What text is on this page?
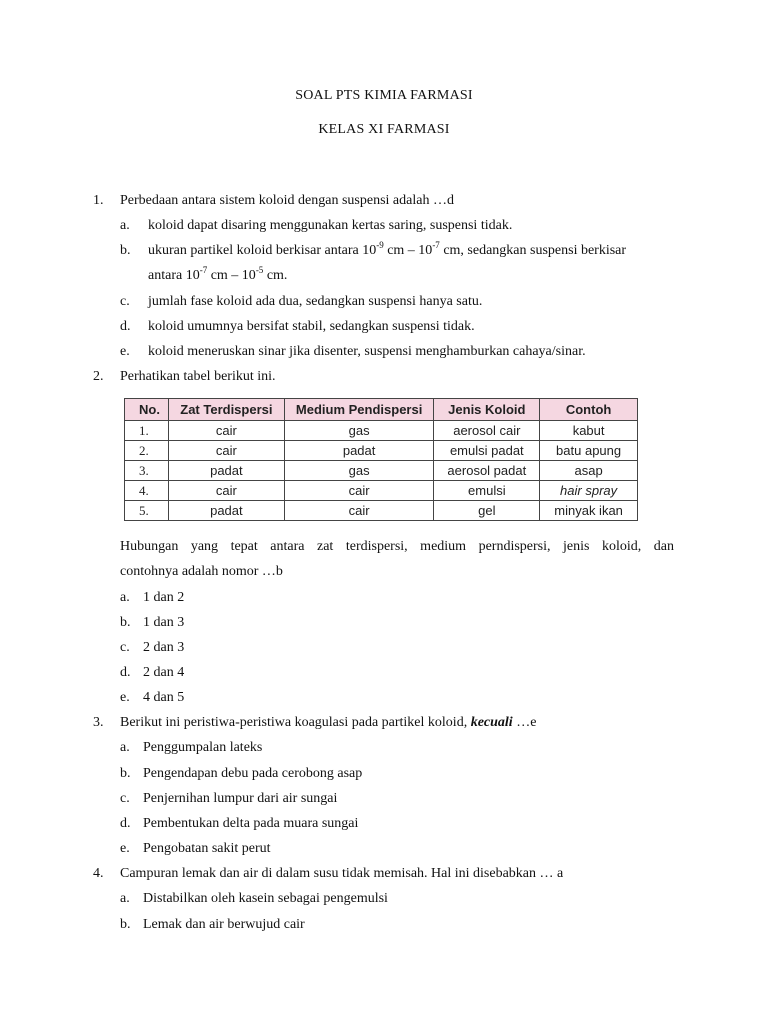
SOAL PTS KIMIA FARMASI
KELAS XI FARMASI
1. Perbedaan antara sistem koloid dengan suspensi adalah …d
a. koloid dapat disaring menggunakan kertas saring, suspensi tidak.
b. ukuran partikel koloid berkisar antara $10^{-9}$ cm – $10^{-7}$ cm, sedangkan suspensi berkisar
antara $10^{-7}$ cm – $10^{-5}$ cm.
c. jumlah fase koloid ada dua, sedangkan suspensi hanya satu.
d. koloid umumnya bersifat stabil, sedangkan suspensi tidak.
e. koloid meneruskan sinar jika disenter, suspensi menghamburkan cahaya/sinar.
2. Perhatikan tabel berikut ini.
No.	Zat Terdispersi	Medium Pendispersi	Jenis Koloid	Contoh
1.	cair	gas	aerosol cair	kabut
2.	cair	padat	emulsi padat	batu apung
3.	padat	gas	aerosol padat	asap
4.	cair	cair	emulsi	hair spray
5.	padat	cair	gel	minyak ikan
Hubungan yang tepat antara zat terdispersi, medium perndispersi, jenis koloid, dan
contohnya adalah nomor …b
a. 1 dan 2
b. 1 dan 3
c. 2 dan 3
d. 2 dan 4
e. 4 dan 5
3. Berikut ini peristiwa-peristiwa koagulasi pada partikel koloid, kecuali …e
a. Penggumpalan lateks
b. Pengendapan debu pada cerobong asap
c. Penjernihan lumpur dari air sungai
d. Pembentukan delta pada muara sungai
e. Pengobatan sakit perut
4. Campuran lemak dan air di dalam susu tidak memisah. Hal ini disebabkan … a
a. Distabilkan oleh kasein sebagai pengemulsi
b. Lemak dan air berwujud cair
